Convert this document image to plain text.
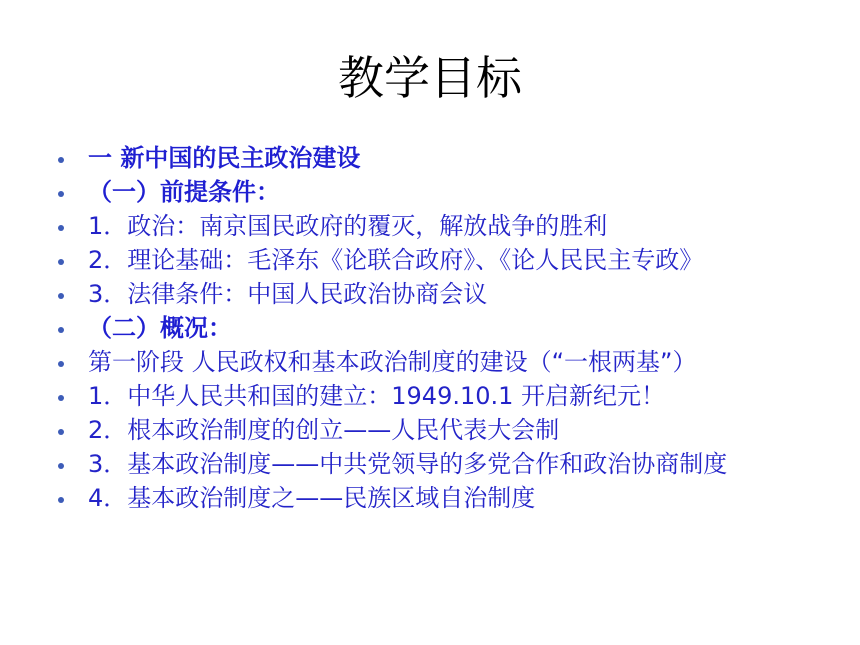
教学目标
一 新中国的民主政治建设
（一）前提条件：
1．政治：南京国民政府的覆灭，解放战争的胜利
2．理论基础：毛泽东《论联合政府》、《论人民民主专政》
3．法律条件：中国人民政治协商会议
（二）概况：
第一阶段 人民政权和基本政治制度的建设（“一根两基”）
1．中华人民共和国的建立：1949.10.1 开启新纪元！
2．根本政治制度的创立——人民代表大会制
3．基本政治制度——中共党领导的多党合作和政治协商制度
4．基本政治制度之——民族区域自治制度
